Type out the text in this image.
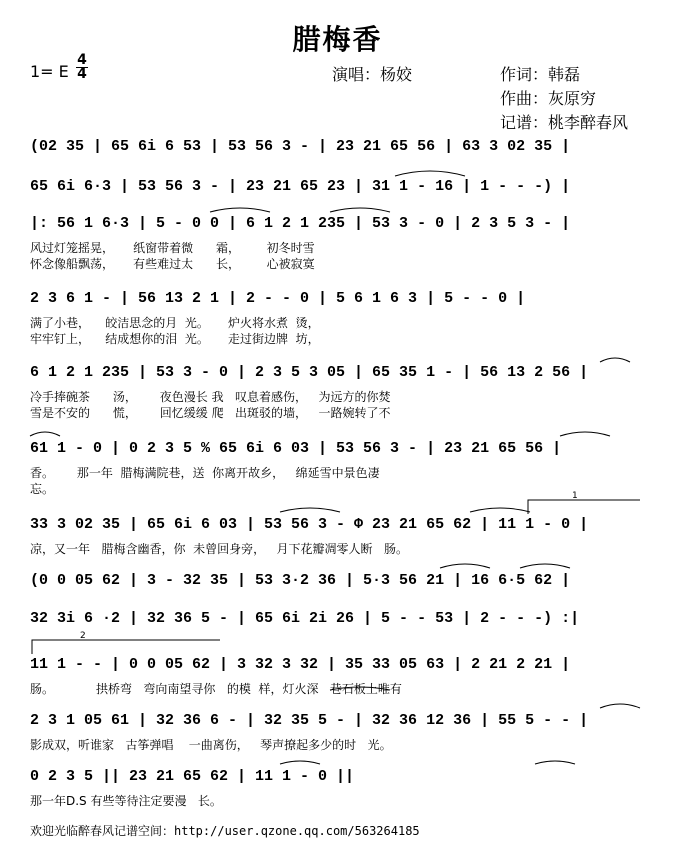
腊梅香
1= E
4
4	演唱：杨姣	作词：韩磊
作曲：灰原穷
记谱：桃李醉春风
(02 35 | 65 6i 6 53 | 53 56 3 - | 23 21 65 56 | 63 3 02 35 |
65 6i 6·3 | 53 56 3 - | 23 21 65 23 | 31 1 - 16 | 1 - - -) |
|: 56 1 6·3 | 5 - 0 0 | 6 1 2 1 235 | 53 3 - 0 | 2 3 5 3 - |
风过灯笼摇晃，     纸窗带着微      霜，       初冬时雪
怀念像船飘荡，     有些难过太      长，       心被寂寞
2 3 6 1 - | 56 13 2 1 | 2 - - 0 | 5 6 1 6 3 | 5 - - 0 |
满了小巷，    皎洁思念的月  光。     炉火将水煮  烫，
牢牢钉上，    结成想你的泪  光。     走过街边牌  坊，
6 1 2 1 235 | 53 3 - 0 | 2 3 5 3 05 | 65 35 1 - | 56 13 2 56 |
冷手捧碗茶      汤，      夜色漫长 我   叹息着感伤，   为远方的你焚
雪是不安的      慌，      回忆缓缓 爬   出斑驳的墙，   一路婉转了不
61 1 - 0 | 0 2 3 5 % 65 6i 6 03 | 53 56 3 - | 23 21 65 56 |
香。      那一年  腊梅满院巷，送  你离开故乡，   绵延雪中景色凄
忘。
33 3 02 35 | 65 6i 6 03 | 53 56 3 - Φ 23 21 65 62 | 11 1 - 0 |
凉，又一年   腊梅含幽香，你  未曾回身旁，   月下花瓣凋零人断   肠。
(0 0 05 62 | 3 - 32 35 | 53 3·2 36 | 5·3 56 21 | 16 6·5 62 |
32 3i 6 ·2 | 32 36 5 - | 65 6i 2i 26 | 5 - - 53 | 2 - - -) :|
11 1 - - | 0 0 05 62 | 3 32 3 32 | 35 33 05 63 | 2 21 2 21 |
肠。           拱桥弯   弯向南望寻你   的模  样，灯火深   巷石板上唯有
2 3 1 05 61 | 32 36 6 - | 32 35 5 - | 32 36 12 36 | 55 5 - - |
影成双，听谁家   古筝弹唱    一曲离伤，   琴声撩起多少的时   光。
0 2 3 5 || 23 21 65 62 | 11 1 - 0 ||
那一年D.S 有些等待注定要漫   长。
1
2
欢迎光临醉春风记谱空间：http://user.qzone.qq.com/563264185
